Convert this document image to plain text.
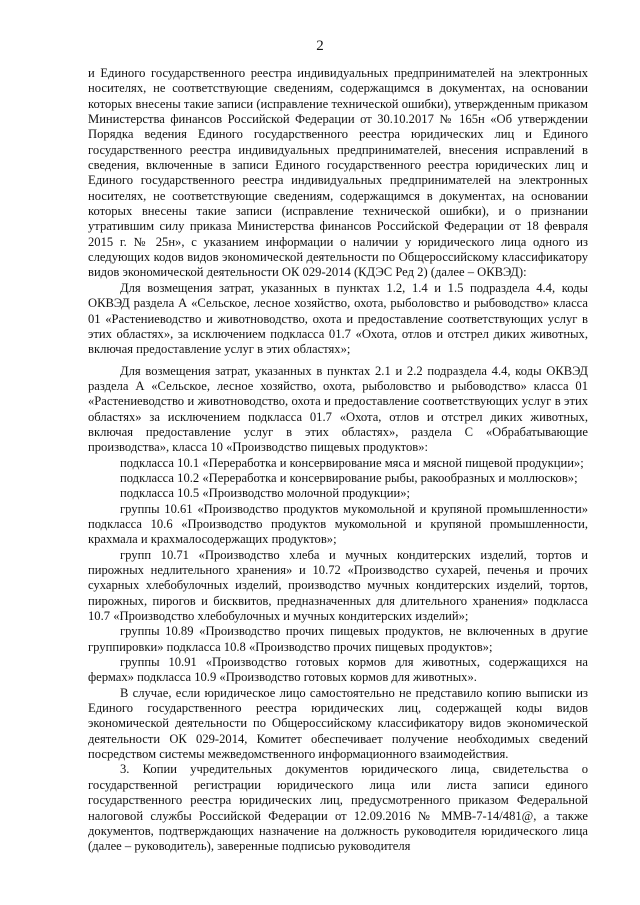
2

и Единого государственного реестра индивидуальных предпринимателей на электронных носителях, не соответствующие сведениям, содержащимся в документах, на основании которых внесены такие записи (исправление технической ошибки), утвержденным приказом Министерства финансов Российской Федерации от 30.10.2017 № 165н «Об утверждении Порядка ведения Единого государственного реестра юридических лиц и Единого государственного реестра индивидуальных предпринимателей, внесения исправлений в сведения, включенные в записи Единого государственного реестра юридических лиц и Единого государственного реестра индивидуальных предпринимателей на электронных носителях, не соответствующие сведениям, содержащимся в документах, на основании которых внесены такие записи (исправление технической ошибки), и о признании утратившим силу приказа Министерства финансов Российской Федерации от 18 февраля 2015 г. № 25н», с указанием информации о наличии у юридического лица одного из следующих кодов видов экономической деятельности по Общероссийскому классификатору видов экономической деятельности ОК 029-2014 (КДЭС Ред 2) (далее – ОКВЭД):

Для возмещения затрат, указанных в пунктах 1.2, 1.4 и 1.5 подраздела 4.4, коды ОКВЭД раздела А «Сельское, лесное хозяйство, охота, рыболовство и рыбоводство» класса 01 «Растениеводство и животноводство, охота и предоставление соответствующих услуг в этих областях», за исключением подкласса 01.7 «Охота, отлов и отстрел диких животных, включая предоставление услуг в этих областях»;

Для возмещения затрат, указанных в пунктах 2.1 и 2.2 подраздела 4.4, коды ОКВЭД раздела А «Сельское, лесное хозяйство, охота, рыболовство и рыбоводство» класса 01 «Растениеводство и животноводство, охота и предоставление соответствующих услуг в этих областях» за исключением подкласса 01.7 «Охота, отлов и отстрел диких животных, включая предоставление услуг в этих областях», раздела С «Обрабатывающие производства», класса 10 «Производство пищевых продуктов»:

подкласса 10.1 «Переработка и консервирование мяса и мясной пищевой продукции»;

подкласса 10.2 «Переработка и консервирование рыбы, ракообразных и моллюсков»;

подкласса 10.5 «Производство молочной продукции»;

группы 10.61 «Производство продуктов мукомольной и крупяной промышленности» подкласса 10.6 «Производство продуктов мукомольной и крупяной промышленности, крахмала и крахмалосодержащих продуктов»;

групп 10.71 «Производство хлеба и мучных кондитерских изделий, тортов и пирожных недлительного хранения» и 10.72 «Производство сухарей, печенья и прочих сухарных хлебобулочных изделий, производство мучных кондитерских изделий, тортов, пирожных, пирогов и бисквитов, предназначенных для длительного хранения» подкласса 10.7 «Производство хлебобулочных и мучных кондитерских изделий»;

группы 10.89 «Производство прочих пищевых продуктов, не включенных в другие группировки» подкласса 10.8 «Производство прочих пищевых продуктов»;

группы 10.91 «Производство готовых кормов для животных, содержащихся на фермах» подкласса 10.9 «Производство готовых кормов для животных».

В случае, если юридическое лицо самостоятельно не представило копию выписки из Единого государственного реестра юридических лиц, содержащей коды видов экономической деятельности по Общероссийскому классификатору видов экономической деятельности ОК 029-2014, Комитет обеспечивает получение необходимых сведений посредством системы межведомственного информационного взаимодействия.

3. Копии учредительных документов юридического лица, свидетельства о государственной регистрации юридического лица или листа записи единого государственного реестра юридических лиц, предусмотренного приказом Федеральной налоговой службы Российской Федерации от 12.09.2016 № ММВ-7-14/481@, а также документов, подтверждающих назначение на должность руководителя юридического лица (далее – руководитель), заверенные подписью руководителя
